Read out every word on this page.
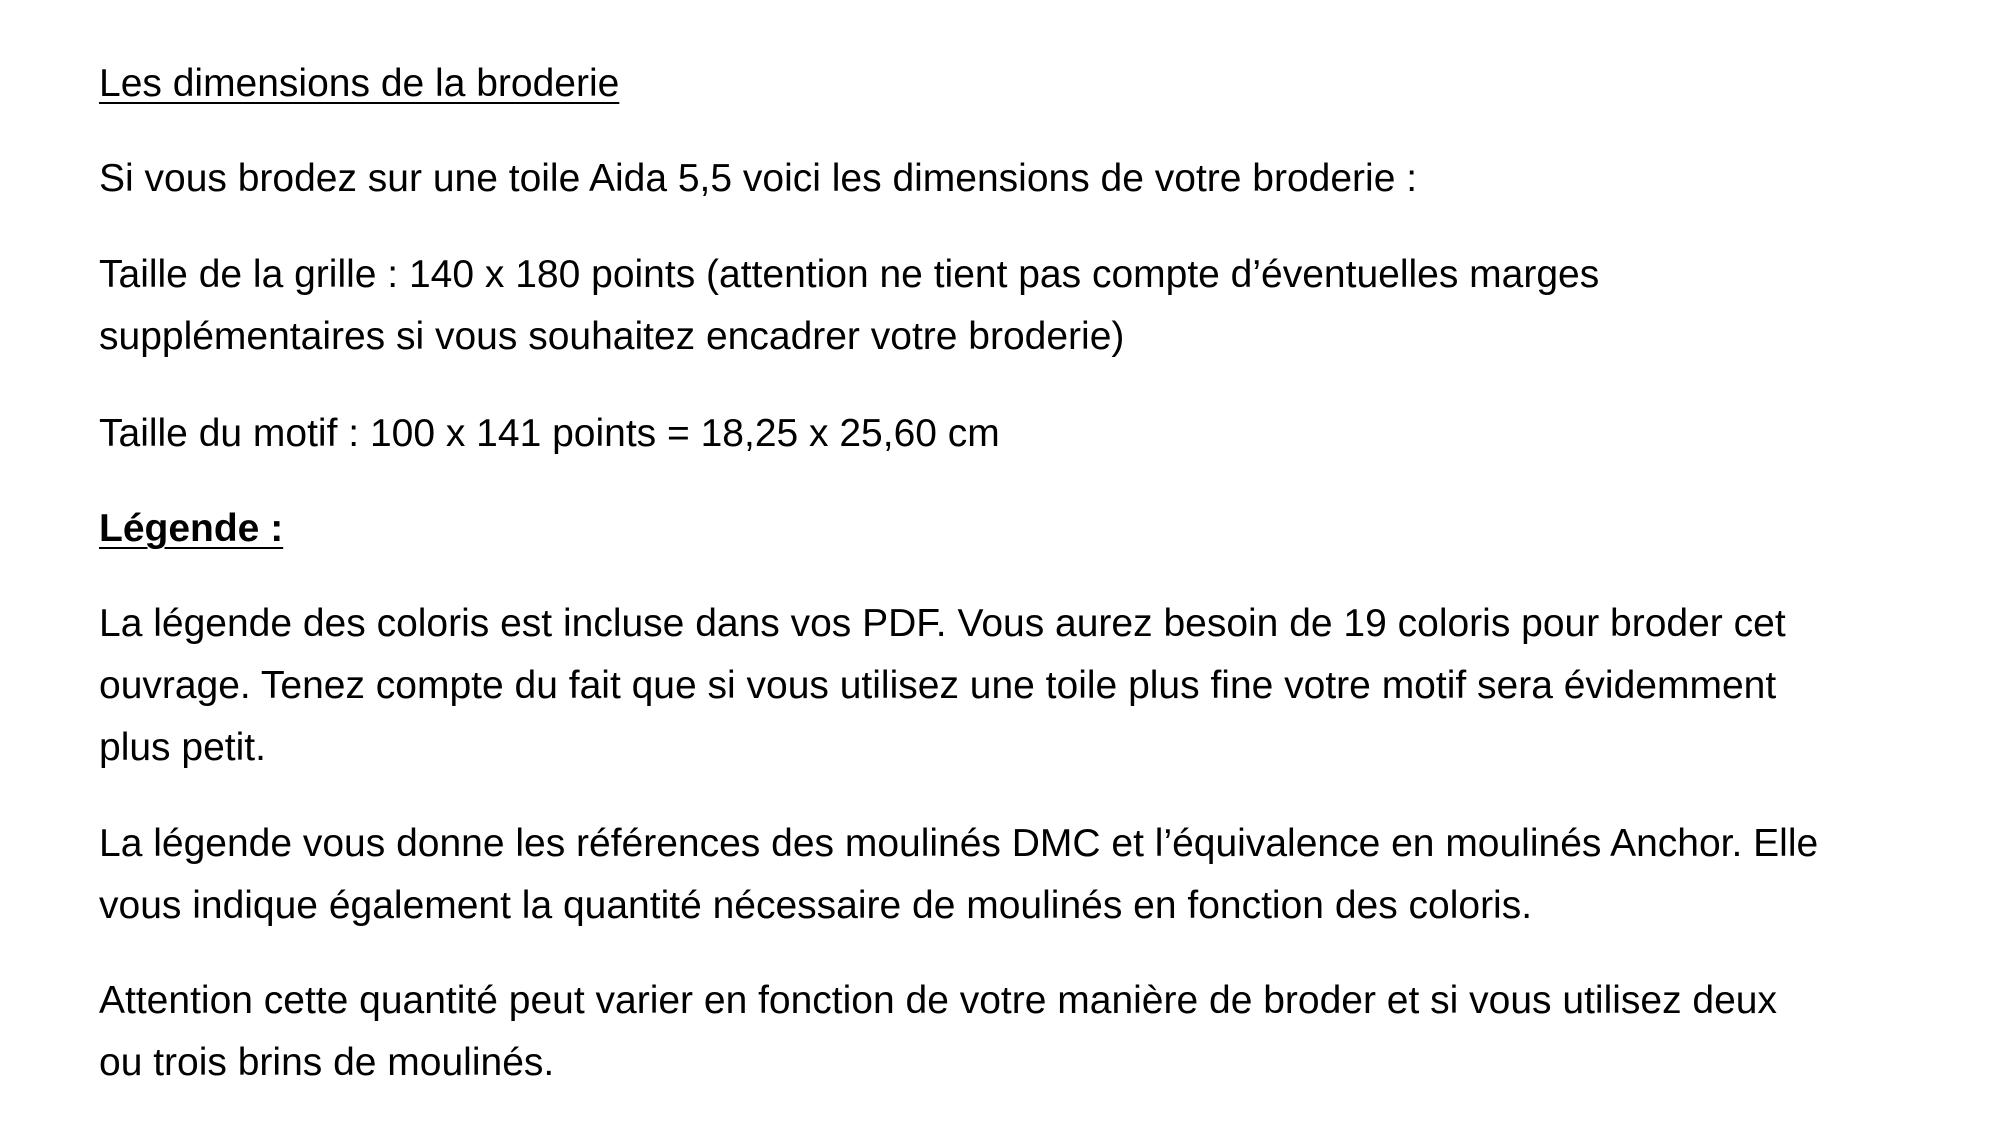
Les dimensions de la broderie

Si vous brodez sur une toile Aida 5,5 voici les dimensions de votre broderie :

Taille de la grille : 140 x 180 points (attention ne tient pas compte d’éventuelles marges
supplémentaires si vous souhaitez encadrer votre broderie)

Taille du motif : 100 x 141 points = 18,25 x 25,60 cm

Légende :

La légende des coloris est incluse dans vos PDF. Vous aurez besoin de 19 coloris pour broder cet
ouvrage. Tenez compte du fait que si vous utilisez une toile plus fine votre motif sera évidemment
plus petit.

La légende vous donne les références des moulinés DMC et l’équivalence en moulinés Anchor. Elle
vous indique également la quantité nécessaire de moulinés en fonction des coloris.

Attention cette quantité peut varier en fonction de votre manière de broder et si vous utilisez deux
ou trois brins de moulinés.
